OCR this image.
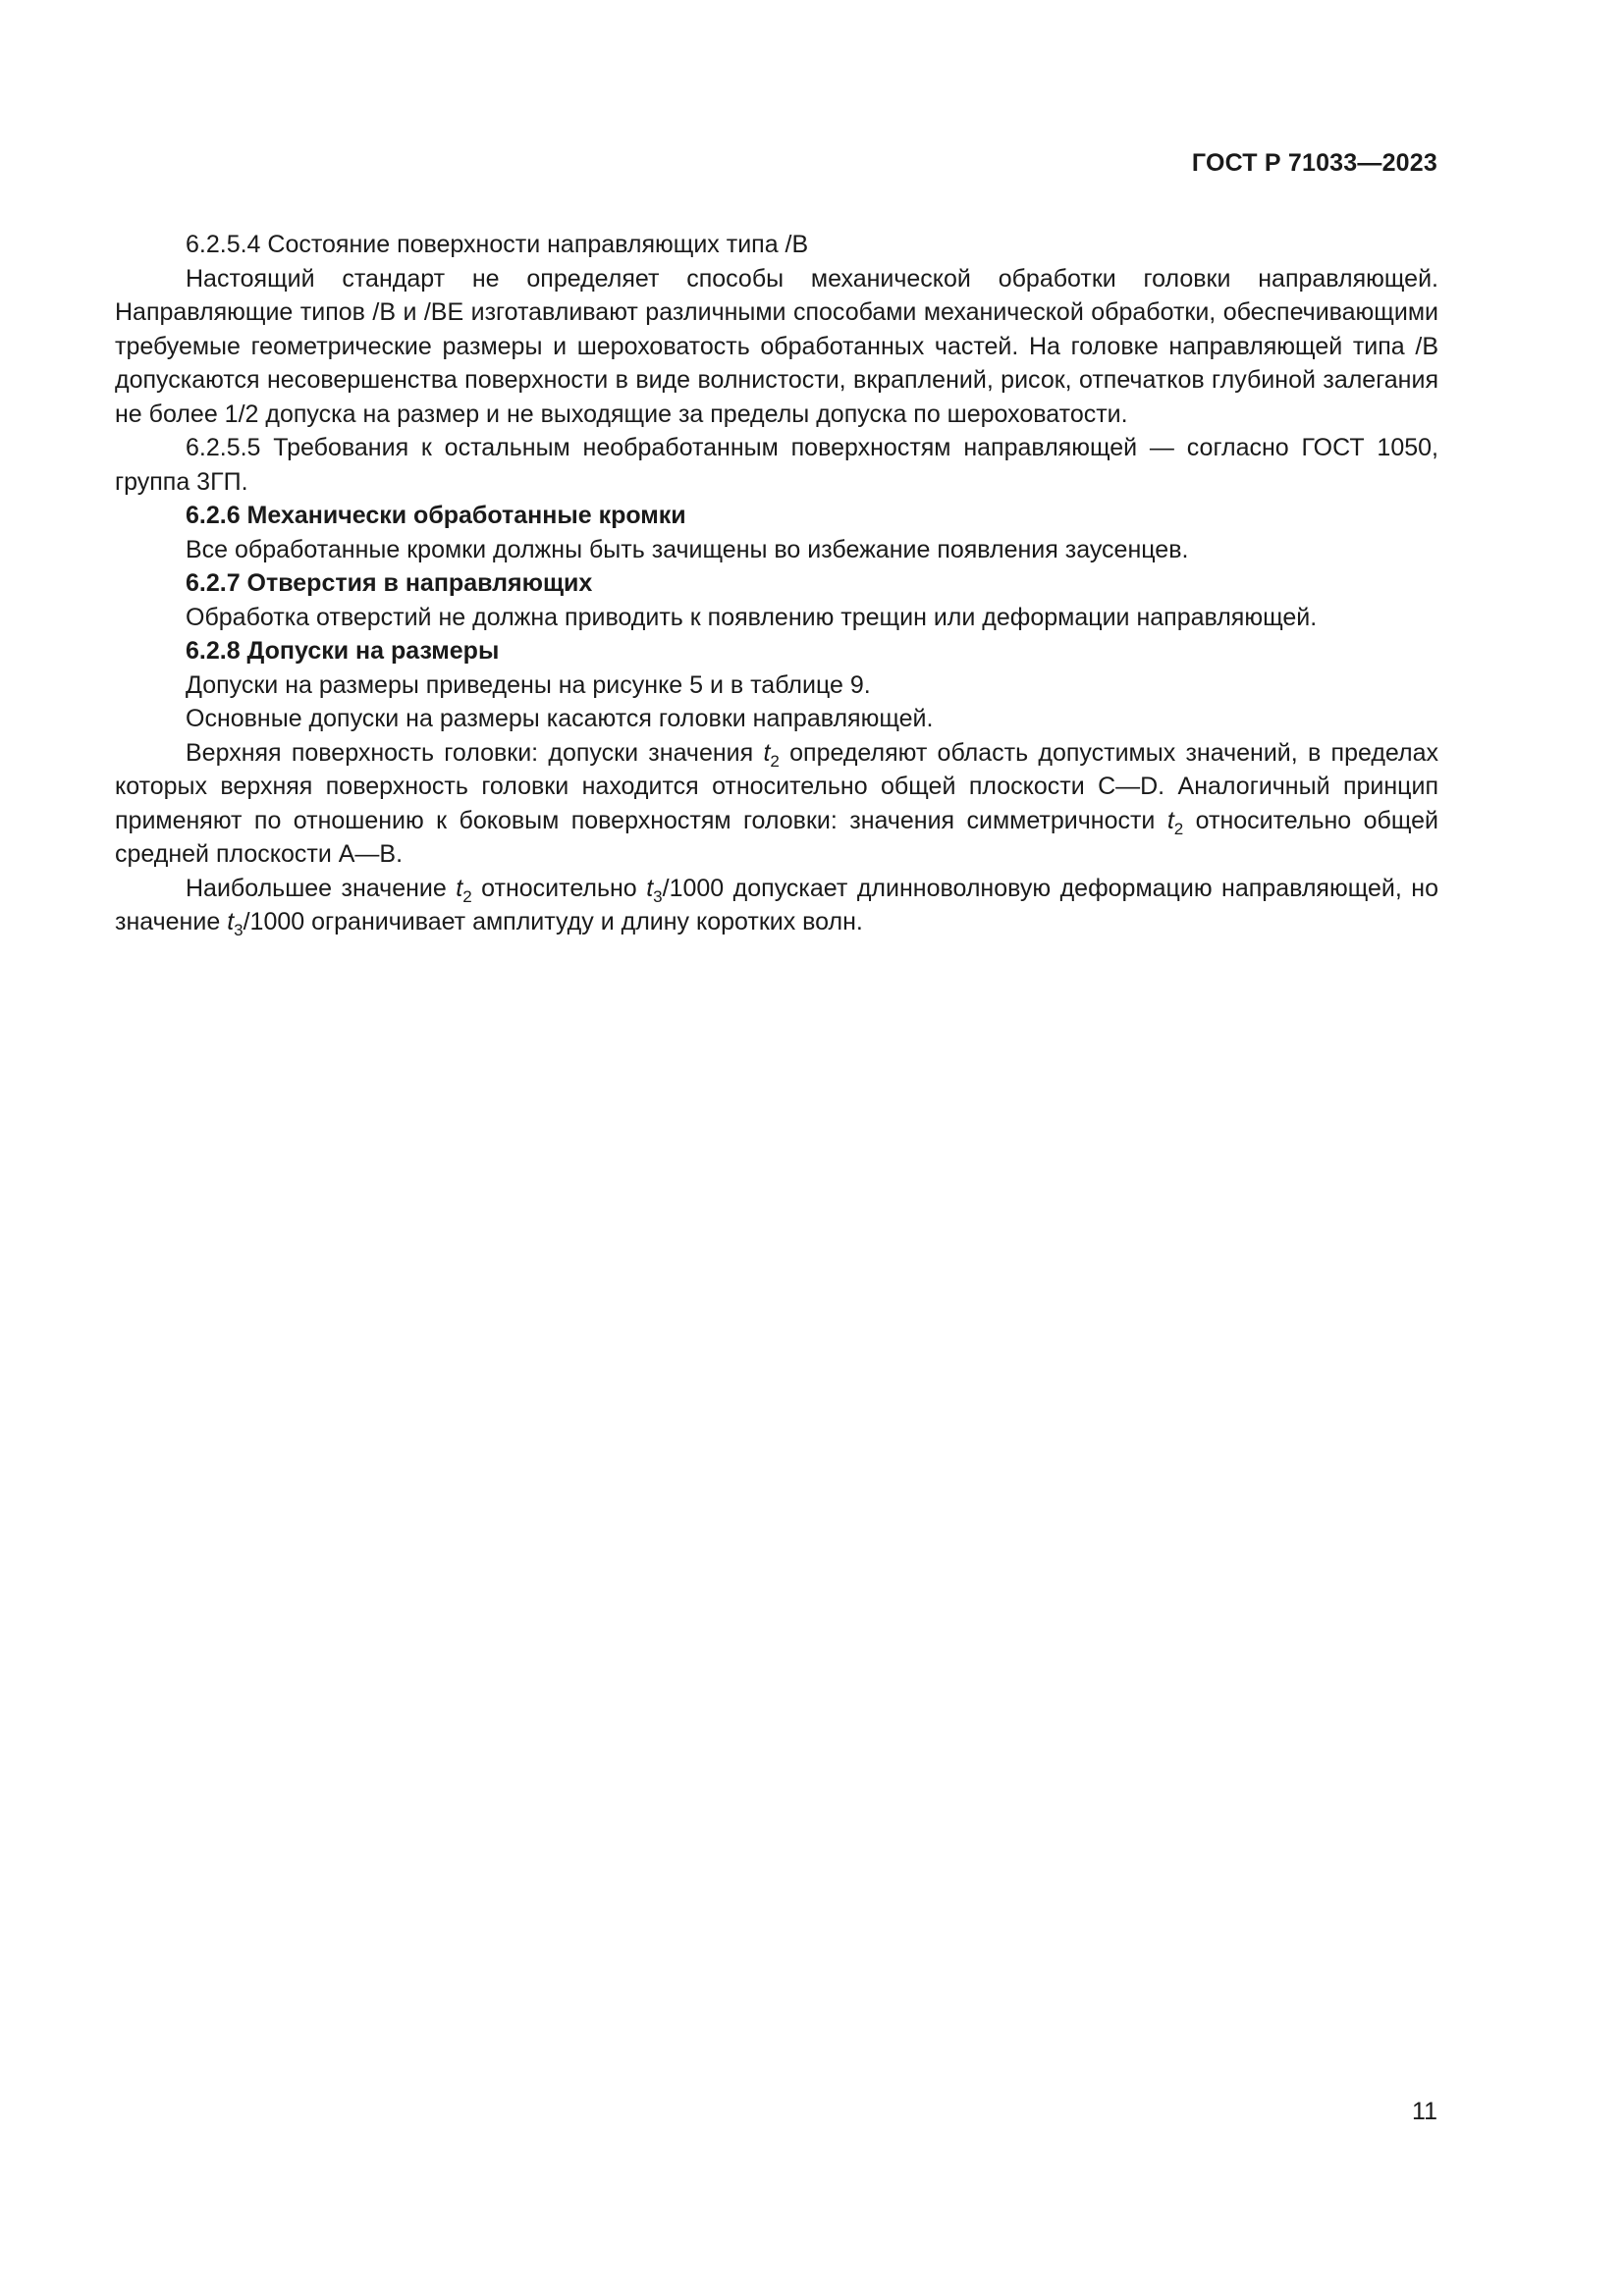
ГОСТ Р 71033—2023

6.2.5.4 Состояние поверхности направляющих типа /B

Настоящий стандарт не определяет способы механической обработки головки направляющей. Направляющие типов /B и /BE изготавливают различными способами механической обработки, обеспечивающими требуемые геометрические размеры и шероховатость обработанных частей. На головке направляющей типа /B допускаются несовершенства поверхности в виде волнистости, вкраплений, рисок, отпечатков глубиной залегания не более 1/2 допуска на размер и не выходящие за пределы допуска по шероховатости.

6.2.5.5 Требования к остальным необработанным поверхностям направляющей — согласно ГОСТ 1050, группа 3ГП.

6.2.6 Механически обработанные кромки

Все обработанные кромки должны быть зачищены во избежание появления заусенцев.

6.2.7 Отверстия в направляющих

Обработка отверстий не должна приводить к появлению трещин или деформации направляющей.

6.2.8 Допуски на размеры

Допуски на размеры приведены на рисунке 5 и в таблице 9.

Основные допуски на размеры касаются головки направляющей.

Верхняя поверхность головки: допуски значения $t_2$ определяют область допустимых значений, в пределах которых верхняя поверхность головки находится относительно общей плоскости C—D. Аналогичный принцип применяют по отношению к боковым поверхностям головки: значения симметричности $t_2$ относительно общей средней плоскости A—B.

Наибольшее значение $t_2$ относительно $t_3/1000$ допускает длинноволновую деформацию направляющей, но значение $t_3/1000$ ограничивает амплитуду и длину коротких волн.

11
